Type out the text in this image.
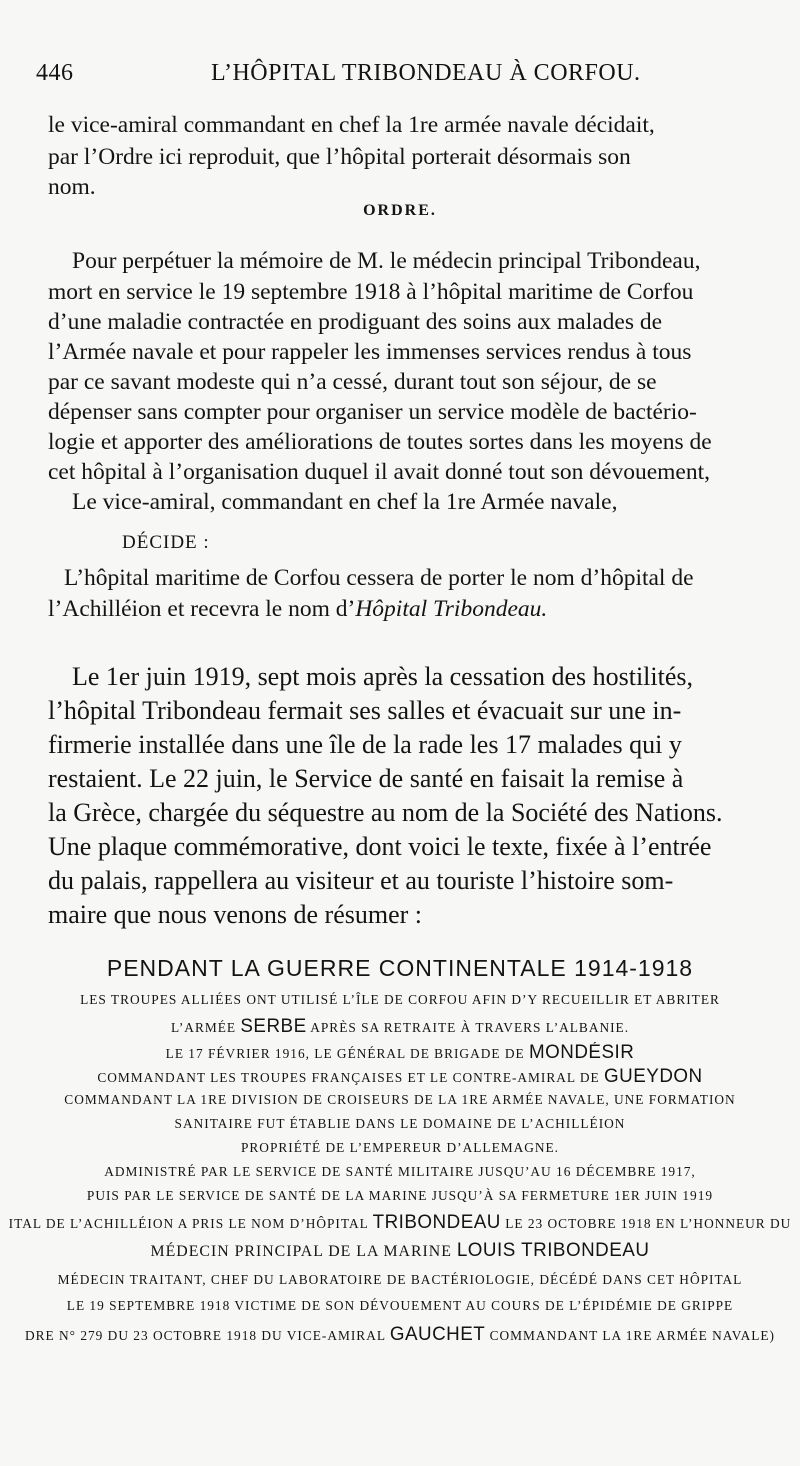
446	L’HÔPITAL TRIBONDEAU À CORFOU.
le vice-amiral commandant en chef la 1re armée navale décidait,
par l’Ordre ici reproduit, que l’hôpital porterait désormais son
nom.
ORDRE.
Pour perpétuer la mémoire de M. le médecin principal Tribondeau,
mort en service le 19 septembre 1918 à l’hôpital maritime de Corfou
d’une maladie contractée en prodiguant des soins aux malades de
l’Armée navale et pour rappeler les immenses services rendus à tous
par ce savant modeste qui n’a cessé, durant tout son séjour, de se
dépenser sans compter pour organiser un service modèle de bactério-
logie et apporter des améliorations de toutes sortes dans les moyens de
cet hôpital à l’organisation duquel il avait donné tout son dévouement,
Le vice-amiral, commandant en chef la 1re Armée navale,
DÉCIDE :
L’hôpital maritime de Corfou cessera de porter le nom d’hôpital de
l’Achilléion et recevra le nom d’Hôpital Tribondeau.
Le 1er juin 1919, sept mois après la cessation des hostilités,
l’hôpital Tribondeau fermait ses salles et évacuait sur une in-
firmerie installée dans une île de la rade les 17 malades qui y
restaient. Le 22 juin, le Service de santé en faisait la remise à
la Grèce, chargée du séquestre au nom de la Société des Nations.
Une plaque commémorative, dont voici le texte, fixée à l’entrée
du palais, rappellera au visiteur et au touriste l’histoire som-
maire que nous venons de résumer :
PENDANT LA GUERRE CONTINENTALE 1914-1918
LES TROUPES ALLIÉES ONT UTILISÉ L’ÎLE DE CORFOU AFIN D’Y RECUEILLIR ET ABRITER
L’ARMÉE SERBE APRÈS SA RETRAITE À TRAVERS L’ALBANIE.
LE 17 FÉVRIER 1916, LE GÉNÉRAL DE BRIGADE DE MONDÉSIR
COMMANDANT LES TROUPES FRANÇAISES ET LE CONTRE-AMIRAL DE GUEYDON
COMMANDANT LA 1RE DIVISION DE CROISEURS DE LA 1RE ARMÉE NAVALE, UNE FORMATION
SANITAIRE FUT ÉTABLIE DANS LE DOMAINE DE L’ACHILLÉION
PROPRIÉTÉ DE L’EMPEREUR D’ALLEMAGNE.
ADMINISTRÉ PAR LE SERVICE DE SANTÉ MILITAIRE JUSQU’AU 16 DÉCEMBRE 1917,
PUIS PAR LE SERVICE DE SANTÉ DE LA MARINE JUSQU’À SA FERMETURE 1ER JUIN 1919
ITAL DE L’ACHILLÉION A PRIS LE NOM D’HÔPITAL TRIBONDEAU LE 23 OCTOBRE 1918 EN L’HONNEUR DU
MÉDECIN PRINCIPAL DE LA MARINE LOUIS TRIBONDEAU
MÉDECIN TRAITANT, CHEF DU LABORATOIRE DE BACTÉRIOLOGIE, DÉCÉDÉ DANS CET HÔPITAL
LE 19 SEPTEMBRE 1918 VICTIME DE SON DÉVOUEMENT AU COURS DE L’ÉPIDÉMIE DE GRIPPE
DRE N° 279 DU 23 OCTOBRE 1918 DU VICE-AMIRAL GAUCHET COMMANDANT LA 1RE ARMÉE NAVALE)
